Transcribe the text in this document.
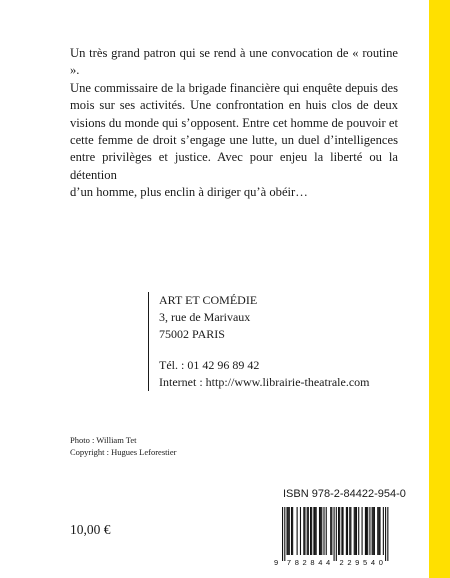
Un très grand patron qui se rend à une convocation de « routine ».
Une commissaire de la brigade financière qui enquête depuis des
mois sur ses activités. Une confrontation en huis clos de deux
visions du monde qui s’opposent. Entre cet homme de pouvoir et
cette femme de droit s’engage une lutte, un duel d’intelligences
entre privilèges et justice. Avec pour enjeu la liberté ou la détention
d’un homme, plus enclin à diriger qu’à obéir…
ART ET COMÉDIE
3, rue de Marivaux
75002 PARIS
Tél. : 01 42 96 89 42
Internet : http://www.librairie-theatrale.com
Photo : William Tet
Copyright : Hugues Leforestier
ISBN 978-2-84422-954-0
9 7 8 2 8 4 4 2 2 9 5 4 0
10,00 €
